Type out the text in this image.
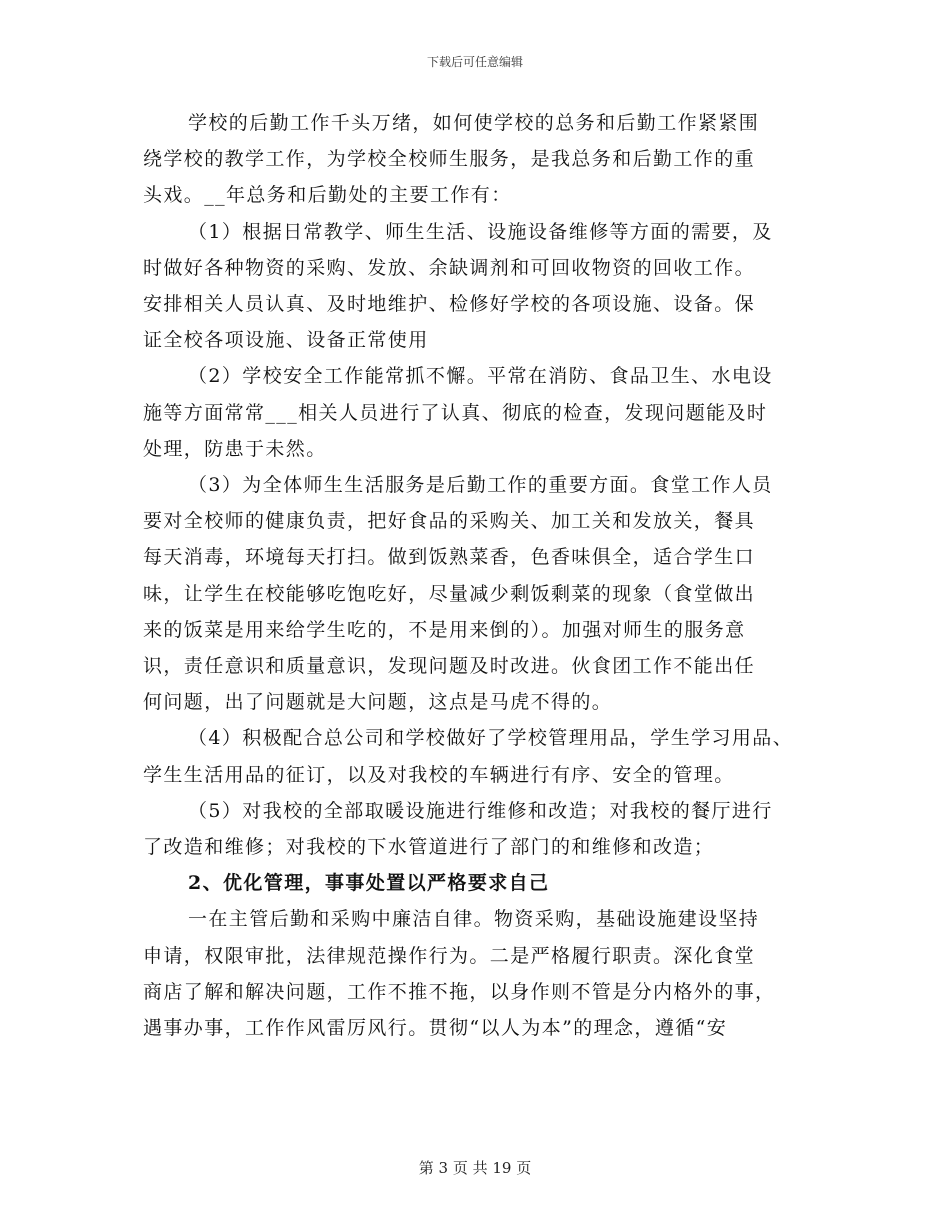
下载后可任意编辑
学校的后勤工作千头万绪，如何使学校的总务和后勤工作紧紧围
绕学校的教学工作，为学校全校师生服务，是我总务和后勤工作的重
头戏。__年总务和后勤处的主要工作有：
（1）根据日常教学、师生生活、设施设备维修等方面的需要，及
时做好各种物资的采购、发放、余缺调剂和可回收物资的回收工作。
安排相关人员认真、及时地维护、检修好学校的各项设施、设备。保
证全校各项设施、设备正常使用
（2）学校安全工作能常抓不懈。平常在消防、食品卫生、水电设
施等方面常常___相关人员进行了认真、彻底的检查，发现问题能及时
处理，防患于未然。
（3）为全体师生生活服务是后勤工作的重要方面。食堂工作人员
要对全校师的健康负责，把好食品的采购关、加工关和发放关，餐具
每天消毒，环境每天打扫。做到饭熟菜香，色香味俱全，适合学生口
味，让学生在校能够吃饱吃好，尽量减少剩饭剩菜的现象（食堂做出
来的饭菜是用来给学生吃的，不是用来倒的）。加强对师生的服务意
识，责任意识和质量意识，发现问题及时改进。伙食团工作不能出任
何问题，出了问题就是大问题，这点是马虎不得的。
（4）积极配合总公司和学校做好了学校管理用品，学生学习用品、
学生生活用品的征订，以及对我校的车辆进行有序、安全的管理。
（5）对我校的全部取暖设施进行维修和改造；对我校的餐厅进行
了改造和维修；对我校的下水管道进行了部门的和维修和改造；
2、优化管理，事事处置以严格要求自己
一在主管后勤和采购中廉洁自律。物资采购，基础设施建设坚持
申请，权限审批，法律规范操作行为。二是严格履行职责。深化食堂
商店了解和解决问题，工作不推不拖，以身作则不管是分内格外的事，
遇事办事，工作作风雷厉风行。贯彻“以人为本”的理念，遵循“安
第 3 页 共 19 页
